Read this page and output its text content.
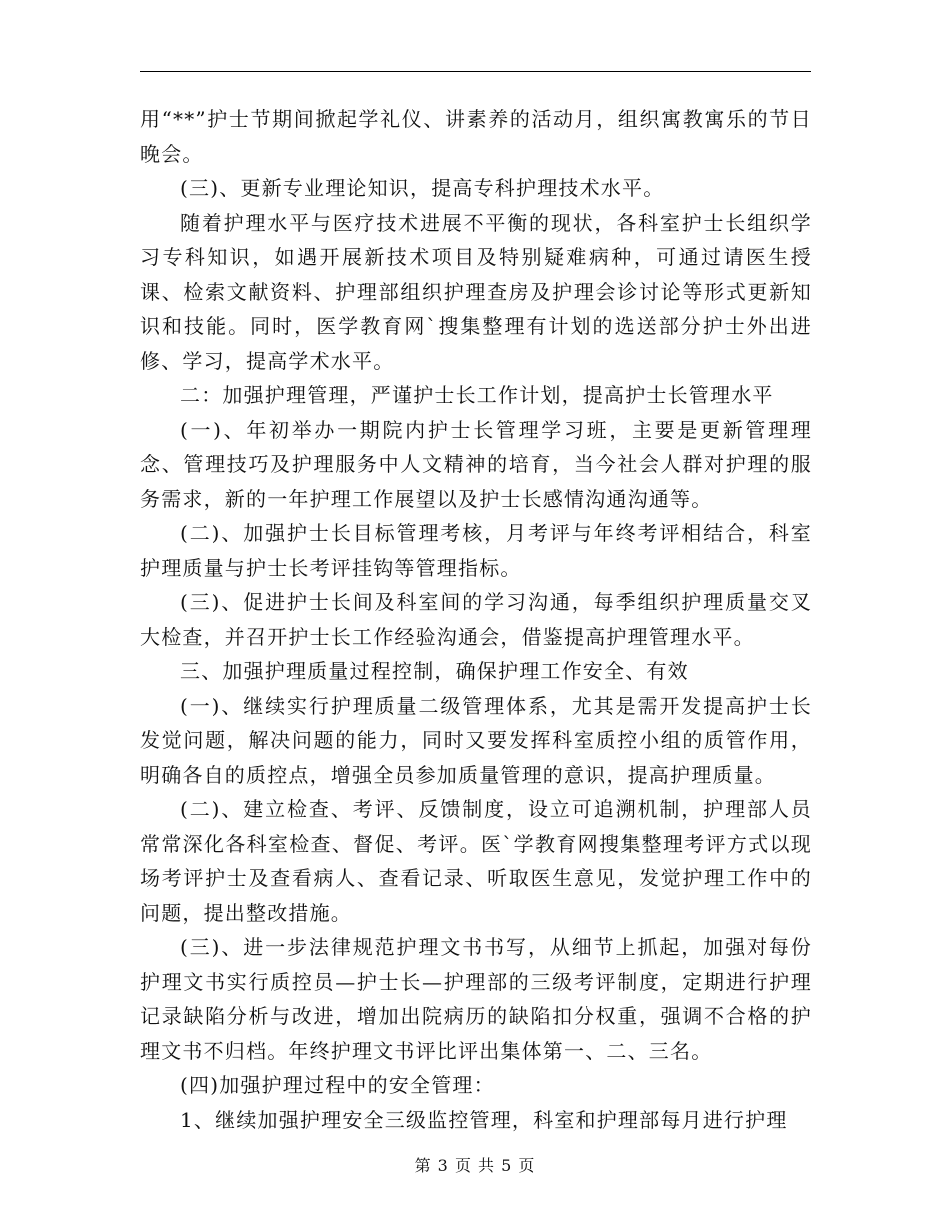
用“**”护士节期间掀起学礼仪、讲素养的活动月，组织寓教寓乐的节日晚会。

(三)、更新专业理论知识，提高专科护理技术水平。

随着护理水平与医疗技术进展不平衡的现状，各科室护士长组织学习专科知识，如遇开展新技术项目及特别疑难病种，可通过请医生授课、检索文献资料、护理部组织护理查房及护理会诊讨论等形式更新知识和技能。同时，医学教育网`搜集整理有计划的选送部分护士外出进修、学习，提高学术水平。

二：加强护理管理，严谨护士长工作计划，提高护士长管理水平

(一)、年初举办一期院内护士长管理学习班，主要是更新管理理念、管理技巧及护理服务中人文精神的培育，当今社会人群对护理的服务需求，新的一年护理工作展望以及护士长感情沟通沟通等。

(二)、加强护士长目标管理考核，月考评与年终考评相结合，科室护理质量与护士长考评挂钩等管理指标。

(三)、促进护士长间及科室间的学习沟通，每季组织护理质量交叉大检查，并召开护士长工作经验沟通会，借鉴提高护理管理水平。

三、加强护理质量过程控制，确保护理工作安全、有效

(一)、继续实行护理质量二级管理体系，尤其是需开发提高护士长发觉问题，解决问题的能力，同时又要发挥科室质控小组的质管作用，明确各自的质控点，增强全员参加质量管理的意识，提高护理质量。

(二)、建立检查、考评、反馈制度，设立可追溯机制，护理部人员常常深化各科室检查、督促、考评。医`学教育网搜集整理考评方式以现场考评护士及查看病人、查看记录、听取医生意见，发觉护理工作中的问题，提出整改措施。

(三)、进一步法律规范护理文书书写，从细节上抓起，加强对每份护理文书实行质控员—护士长—护理部的三级考评制度，定期进行护理记录缺陷分析与改进，增加出院病历的缺陷扣分权重，强调不合格的护理文书不归档。年终护理文书评比评出集体第一、二、三名。

(四)加强护理过程中的安全管理：

1、继续加强护理安全三级监控管理，科室和护理部每月进行护理

第 3 页 共 5 页
